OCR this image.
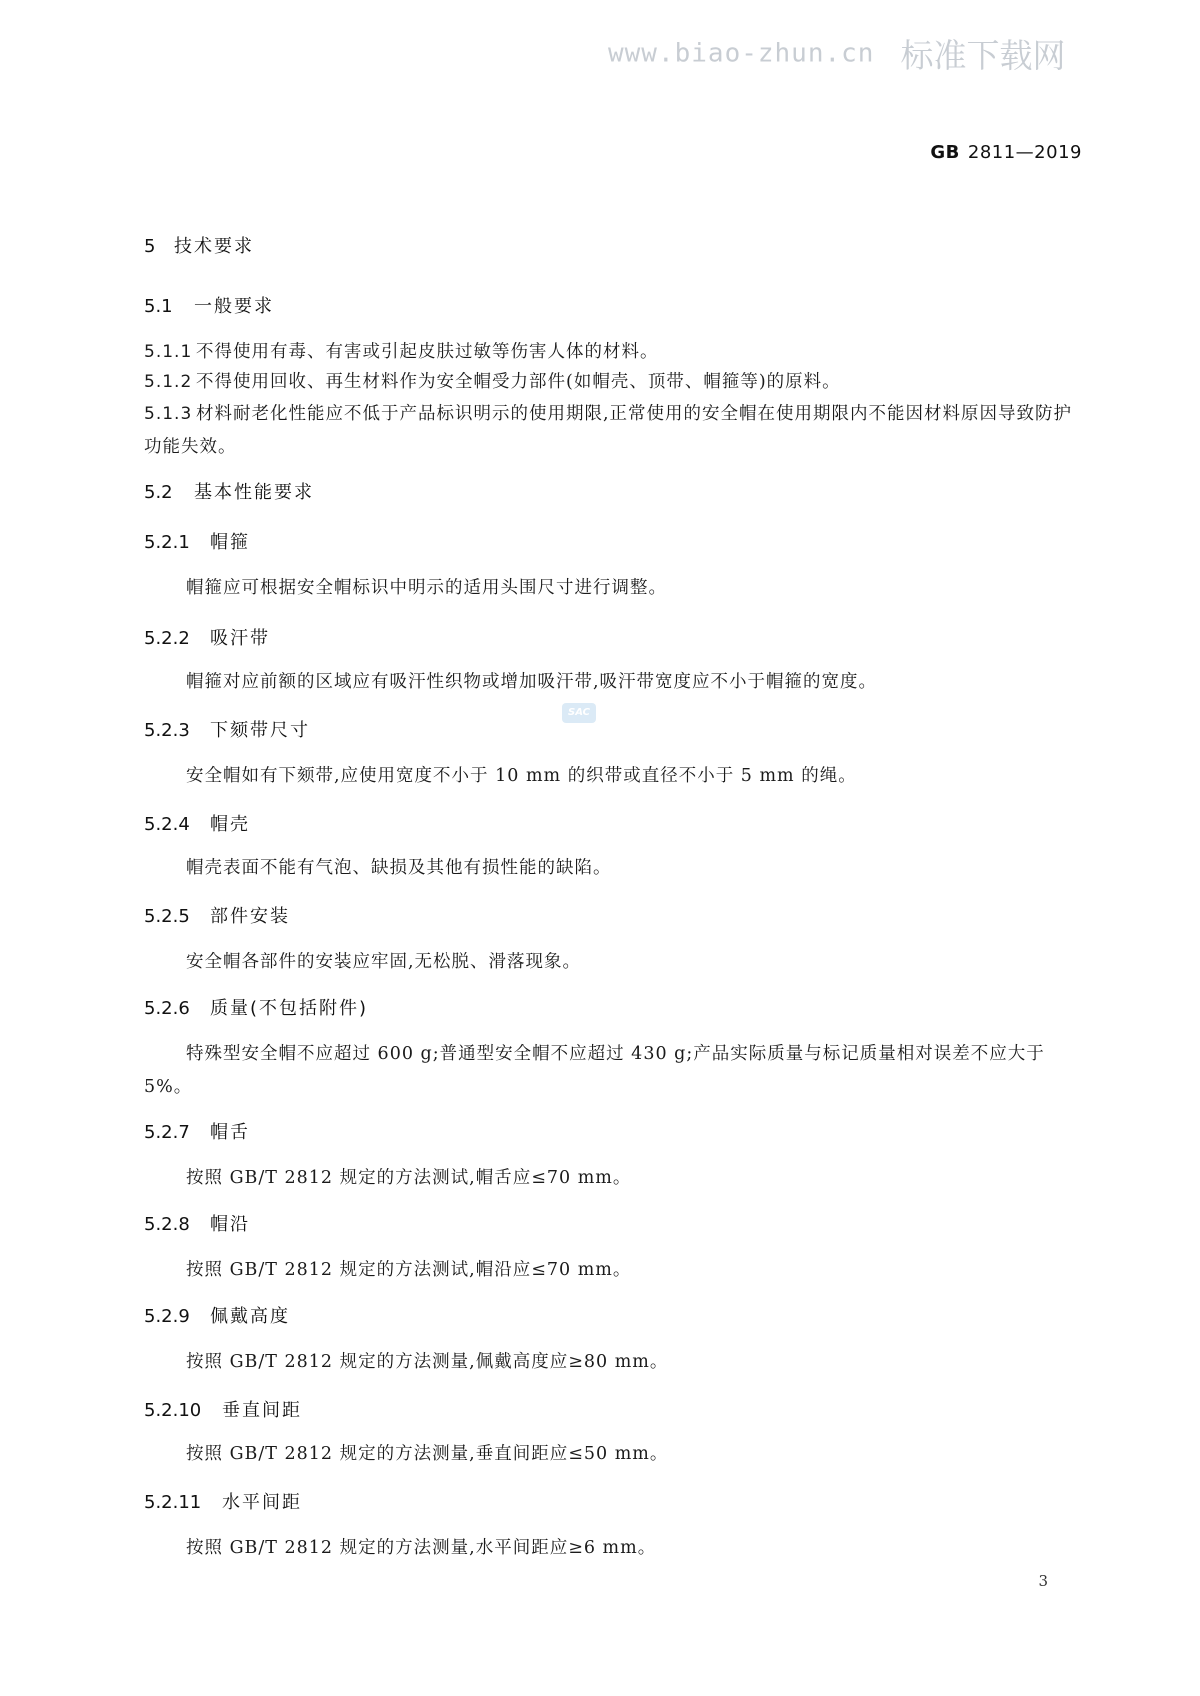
www.biao-zhun.cn 标准下载网
GB 2811—2019
5 技术要求
5.1 一般要求
5.1.1 不得使用有毒、有害或引起皮肤过敏等伤害人体的材料。
5.1.2 不得使用回收、再生材料作为安全帽受力部件(如帽壳、顶带、帽箍等)的原料。
5.1.3 材料耐老化性能应不低于产品标识明示的使用期限,正常使用的安全帽在使用期限内不能因材料原因导致防护功能失效。
5.2 基本性能要求
5.2.1 帽箍
帽箍应可根据安全帽标识中明示的适用头围尺寸进行调整。
5.2.2 吸汗带
帽箍对应前额的区域应有吸汗性织物或增加吸汗带,吸汗带宽度应不小于帽箍的宽度。
SAC
5.2.3 下颏带尺寸
安全帽如有下颏带,应使用宽度不小于 10 mm 的织带或直径不小于 5 mm 的绳。
5.2.4 帽壳
帽壳表面不能有气泡、缺损及其他有损性能的缺陷。
5.2.5 部件安装
安全帽各部件的安装应牢固,无松脱、滑落现象。
5.2.6 质量(不包括附件)
特殊型安全帽不应超过 600 g;普通型安全帽不应超过 430 g;产品实际质量与标记质量相对误差不应大于 5%。
5.2.7 帽舌
按照 GB/T 2812 规定的方法测试,帽舌应≤70 mm。
5.2.8 帽沿
按照 GB/T 2812 规定的方法测试,帽沿应≤70 mm。
5.2.9 佩戴高度
按照 GB/T 2812 规定的方法测量,佩戴高度应≥80 mm。
5.2.10 垂直间距
按照 GB/T 2812 规定的方法测量,垂直间距应≤50 mm。
5.2.11 水平间距
按照 GB/T 2812 规定的方法测量,水平间距应≥6 mm。
3
